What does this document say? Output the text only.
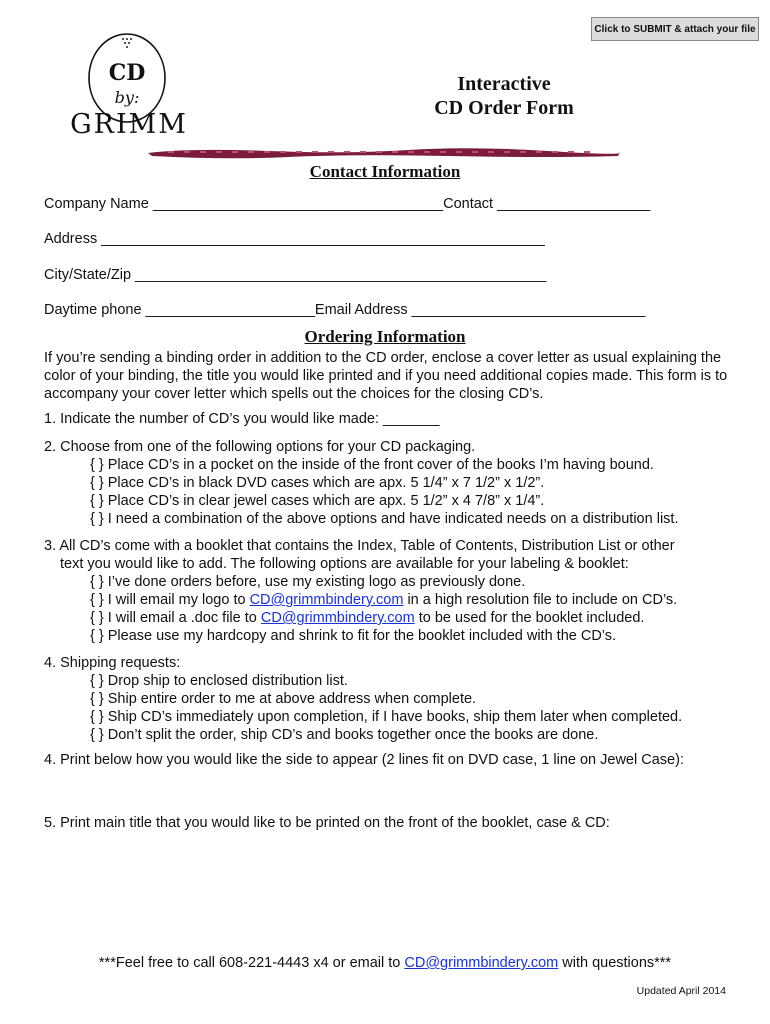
Click to SUBMIT & attach your file
CD
by:
GRIMM
Interactive
CD Order Form
Contact Information
Company Name ____________________________________Contact ___________________
Address _______________________________________________________
City/State/Zip ___________________________________________________
Daytime phone _____________________Email Address _____________________________
Ordering Information
If you’re sending a binding order in addition to the CD order, enclose a cover letter as usual explaining the color of your binding, the title you would like printed and if you need additional copies made. This form is to accompany your cover letter which spells out the choices for the closing CD’s.
1. Indicate the number of CD’s you would like made: _______
2. Choose from one of the following options for your CD packaging.
{ } Place CD’s in a pocket on the inside of the front cover of the books I’m having bound.
{ } Place CD’s in black DVD cases which are apx. 5 1/4” x 7 1/2” x 1/2”.
{ } Place CD’s in clear jewel cases which are apx. 5 1/2” x 4 7/8” x 1/4”.
{ } I need a combination of the above options and have indicated needs on a distribution list.
3. All CD’s come with a booklet that contains the Index, Table of Contents, Distribution List or other
text you would like to add. The following options are available for your labeling & booklet:
{ } I’ve done orders before, use my existing logo as previously done.
{ } I will email my logo to CD@grimmbindery.com in a high resolution file to include on CD’s.
{ } I will email a .doc file to CD@grimmbindery.com to be used for the booklet included.
{ } Please use my hardcopy and shrink to fit for the booklet included with the CD’s.
4. Shipping requests:
{ } Drop ship to enclosed distribution list.
{ } Ship entire order to me at above address when complete.
{ } Ship CD’s immediately upon completion, if I have books, ship them later when completed.
{ } Don’t split the order, ship CD’s and books together once the books are done.
4. Print below how you would like the side to appear (2 lines fit on DVD case, 1 line on Jewel Case):
5. Print main title that you would like to be printed on the front of the booklet, case & CD:
***Feel free to call 608-221-4443 x4 or email to CD@grimmbindery.com with questions***
Updated April 2014
